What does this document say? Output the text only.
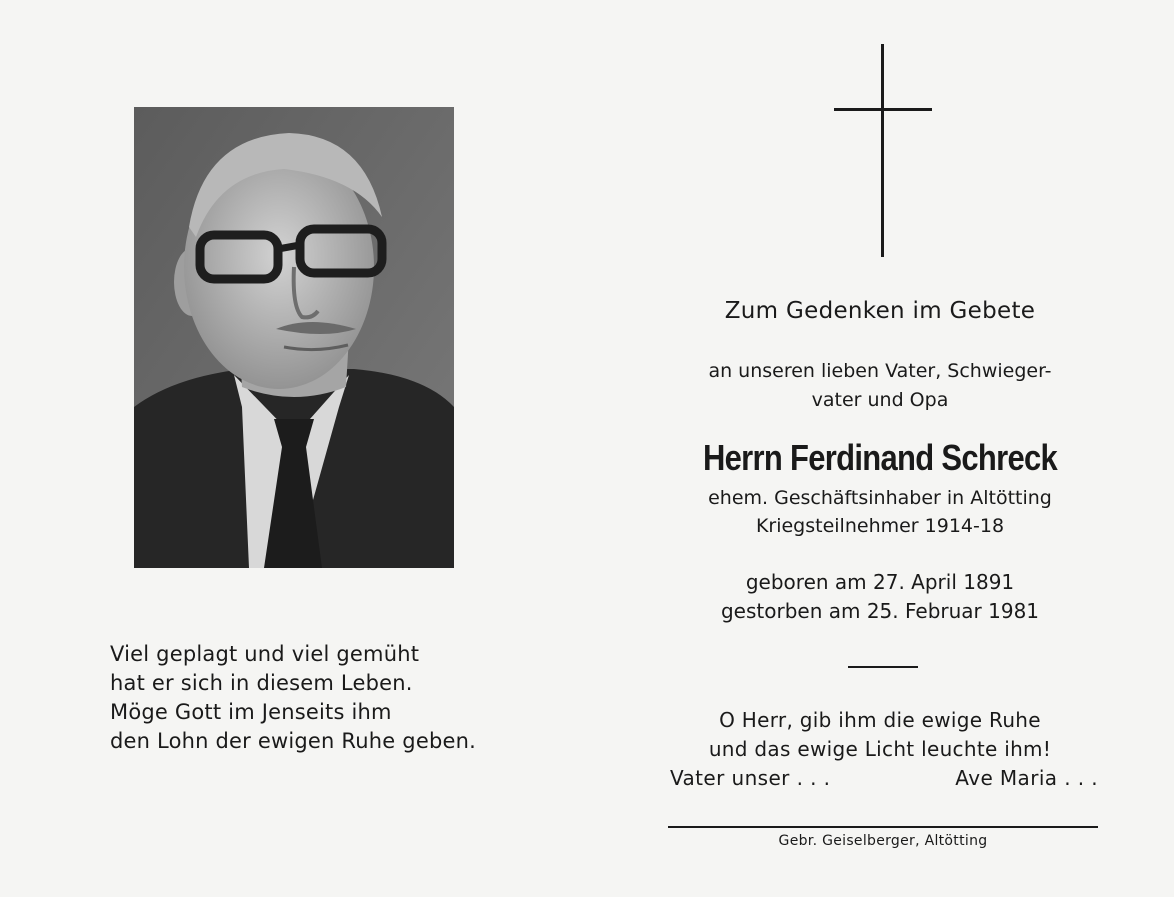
Viel geplagt und viel gemüht
hat er sich in diesem Leben.
Möge Gott im Jenseits ihm
den Lohn der ewigen Ruhe geben.
Zum Gedenken im Gebete
an unseren lieben Vater, Schwieger-
vater und Opa
Herrn Ferdinand Schreck
ehem. Geschäftsinhaber in Altötting
Kriegsteilnehmer 1914-18
geboren am 27. April 1891
gestorben am 25. Februar 1981
O Herr, gib ihm die ewige Ruhe
und das ewige Licht leuchte ihm!
Vater unser . . .	Ave Maria . . .
Gebr. Geiselberger, Altötting
